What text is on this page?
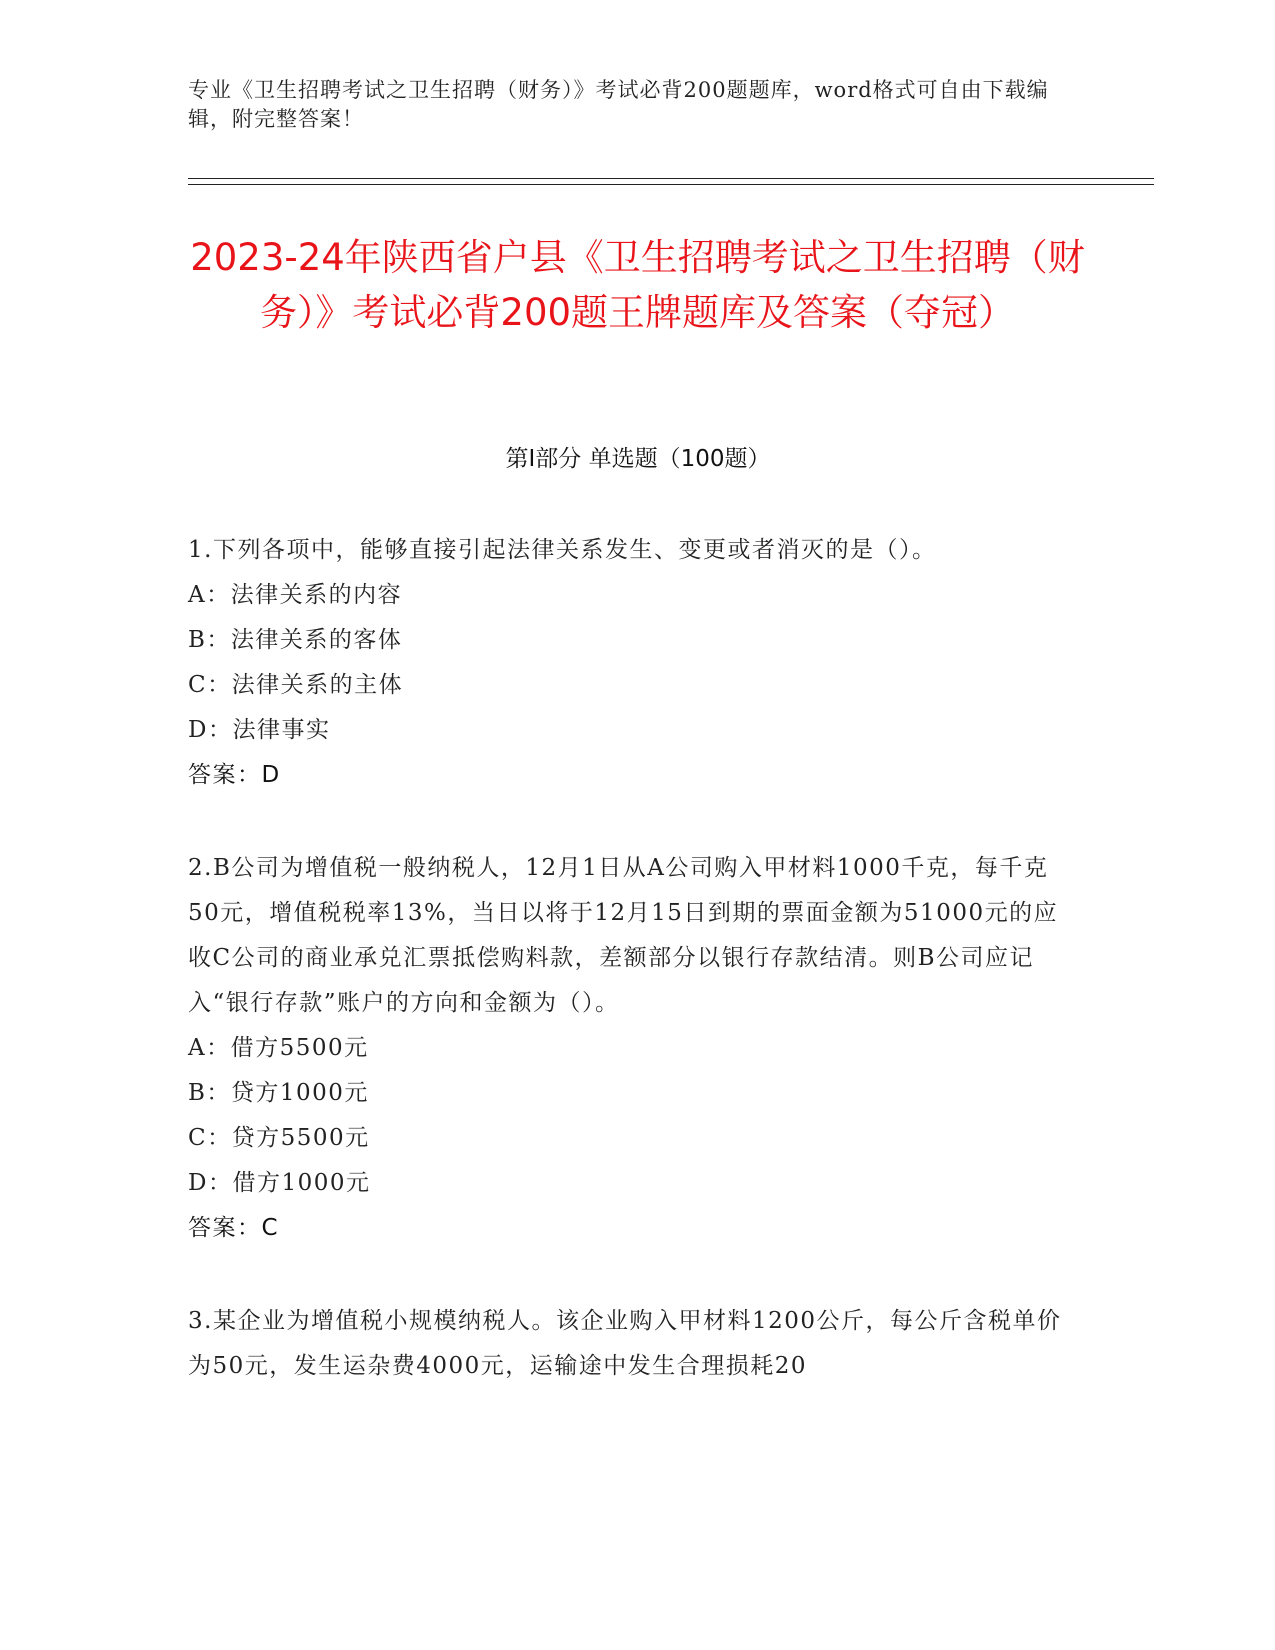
专业《卫生招聘考试之卫生招聘（财务）》考试必背200题题库，word格式可自由下载编辑，附完整答案！
2023-24年陕西省户县《卫生招聘考试之卫生招聘（财务）》考试必背200题王牌题库及答案（夺冠）
第I部分 单选题（100题）

1.下列各项中，能够直接引起法律关系发生、变更或者消灭的是（）。

A：法律关系的内容

B：法律关系的客体

C：法律关系的主体

D：法律事实

答案：D

2.B公司为增值税一般纳税人，12月1日从A公司购入甲材料1000千克，每千克50元，增值税税率13%，当日以将于12月15日到期的票面金额为51000元的应收C公司的商业承兑汇票抵偿购料款，差额部分以银行存款结清。则B公司应记入“银行存款”账户的方向和金额为（）。

A：借方5500元

B：贷方1000元

C：贷方5500元

D：借方1000元

答案：C

3.某企业为增值税小规模纳税人。该企业购入甲材料1200公斤，每公斤含税单价为50元，发生运杂费4000元，运输途中发生合理损耗20
